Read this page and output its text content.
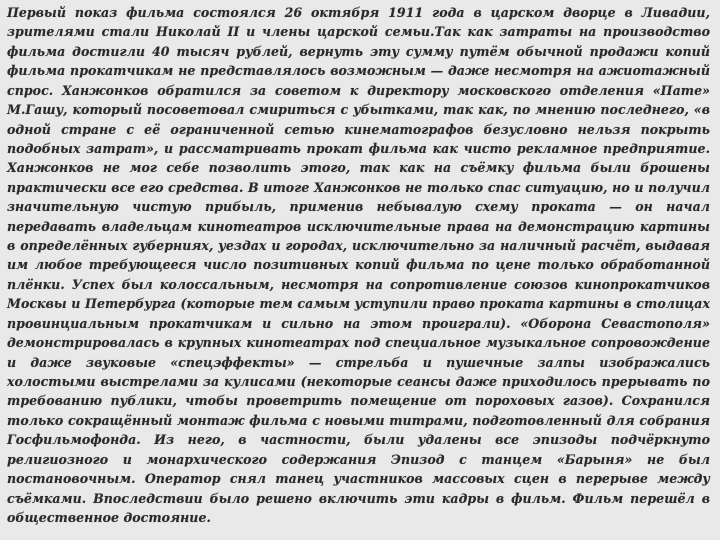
Первый показ фильма состоялся 26 октября 1911 года в царском дворце в Ливадии, зрителями стали Николай II и члены царской семьи.Так как затраты на производство фильма достигли 40 тысяч рублей, вернуть эту сумму путём обычной продажи копий фильма прокатчикам не представлялось возможным — даже несмотря на ажиотажный спрос. Ханжонков обратился за советом к директору московского отделения «Пате» М.Гашу, который посоветовал смириться с убытками, так как, по мнению последнего, «в одной стране с её ограниченной сетью кинематографов безусловно нельзя покрыть подобных затрат», и рассматривать прокат фильма как чисто рекламное предприятие. Ханжонков не мог себе позволить этого, так как на съёмку фильма были брошены практически все его средства. В итоге Ханжонков не только спас ситуацию, но и получил значительную чистую прибыль, применив небывалую схему проката — он начал передавать владельцам кинотеатров исключительные права на демонстрацию картины в определённых губерниях, уездах и городах, исключительно за наличный расчёт, выдавая им любое требующееся число позитивных копий фильма по цене только обработанной плёнки. Успех был колоссальным, несмотря на сопротивление союзов кинопрокатчиков Москвы и Петербурга (которые тем самым уступили право проката картины в столицах провинциальным прокатчикам и сильно на этом проиграли). «Оборона Севастополя» демонстрировалась в крупных кинотеатрах под специальное музыкальное сопровождение и даже звуковые «спецэффекты» — стрельба и пушечные залпы изображались холостыми выстрелами за кулисами (некоторые сеансы даже приходилось прерывать по требованию публики, чтобы проветрить помещение от пороховых газов). Сохранился только сокращённый монтаж фильма с новыми титрами, подготовленный для собрания Госфильмофонда. Из него, в частности, были удалены все эпизоды подчёркнуто религиозного и монархического содержания Эпизод с танцем «Барыня» не был постановочным. Оператор снял танец участников массовых сцен в перерыве между съёмками. Впоследствии было решено включить эти кадры в фильм. Фильм перешёл в общественное достояние.
